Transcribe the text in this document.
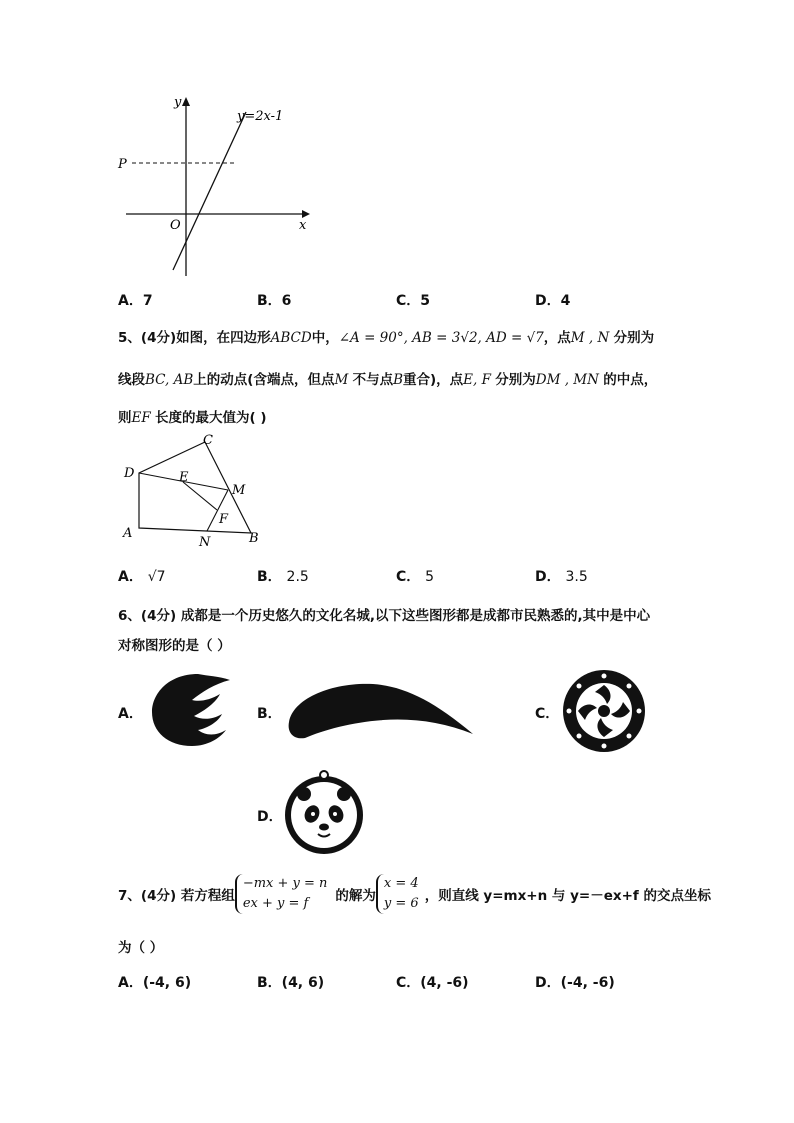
y
x
O
P
y=2x-1
A．7	B．6	C．5	D．4
5、(4分)如图，在四边形ABCD中，∠A = 90°, AB = 3√2, AD = √7，点M , N 分别为
线段BC, AB上的动点(含端点，但点M 不与点B重合)，点E, F 分别为DM , MN 的中点，
则EF 长度的最大值为( )
C
D	E
M
F
A
N	B
A． √7	B． 2.5	C． 5	D． 3.5
6、(4分) 成都是一个历史悠久的文化名城,以下这些图形都是成都市民熟悉的,其中是中心
对称图形的是（ ）
A．	B．	C．
D．
7、(4分) 若方程组
−mx + y = n
ex + y = f	的解为
x = 4
y = 6 ，则直线 y=mx+n 与 y=－ex+f 的交点坐标
为（ ）
A．(-4, 6)	B．(4, 6)	C．(4, -6)	D．(-4, -6)
